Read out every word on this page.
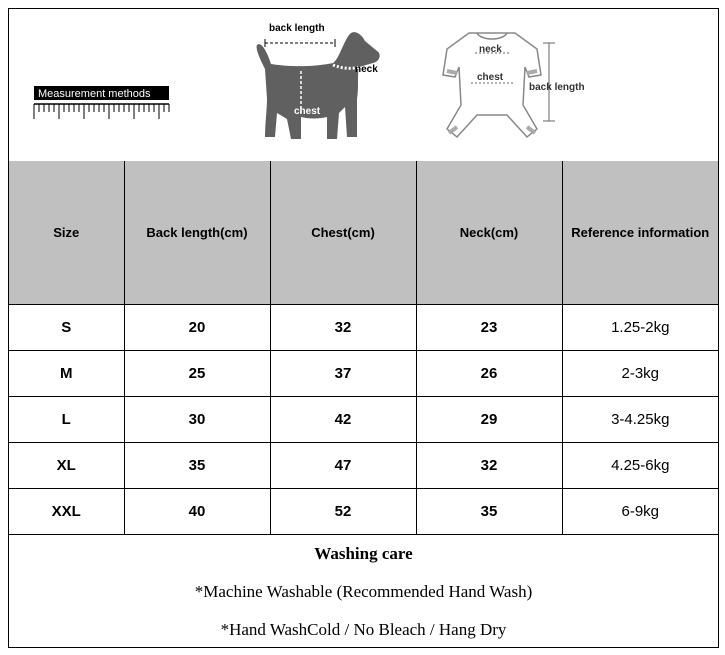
Measurement methods
back length
neck
chest
neck
chest
back length
Size	Back length(cm)	Chest(cm)	Neck(cm)	Reference information
S	20	32	23	1.25-2kg
M	25	37	26	2-3kg
L	30	42	29	3-4.25kg
XL	35	47	32	4.25-6kg
XXL	40	52	35	6-9kg
Washing care
*Machine Washable (Recommended Hand Wash)
*Hand WashCold / No Bleach / Hang Dry
